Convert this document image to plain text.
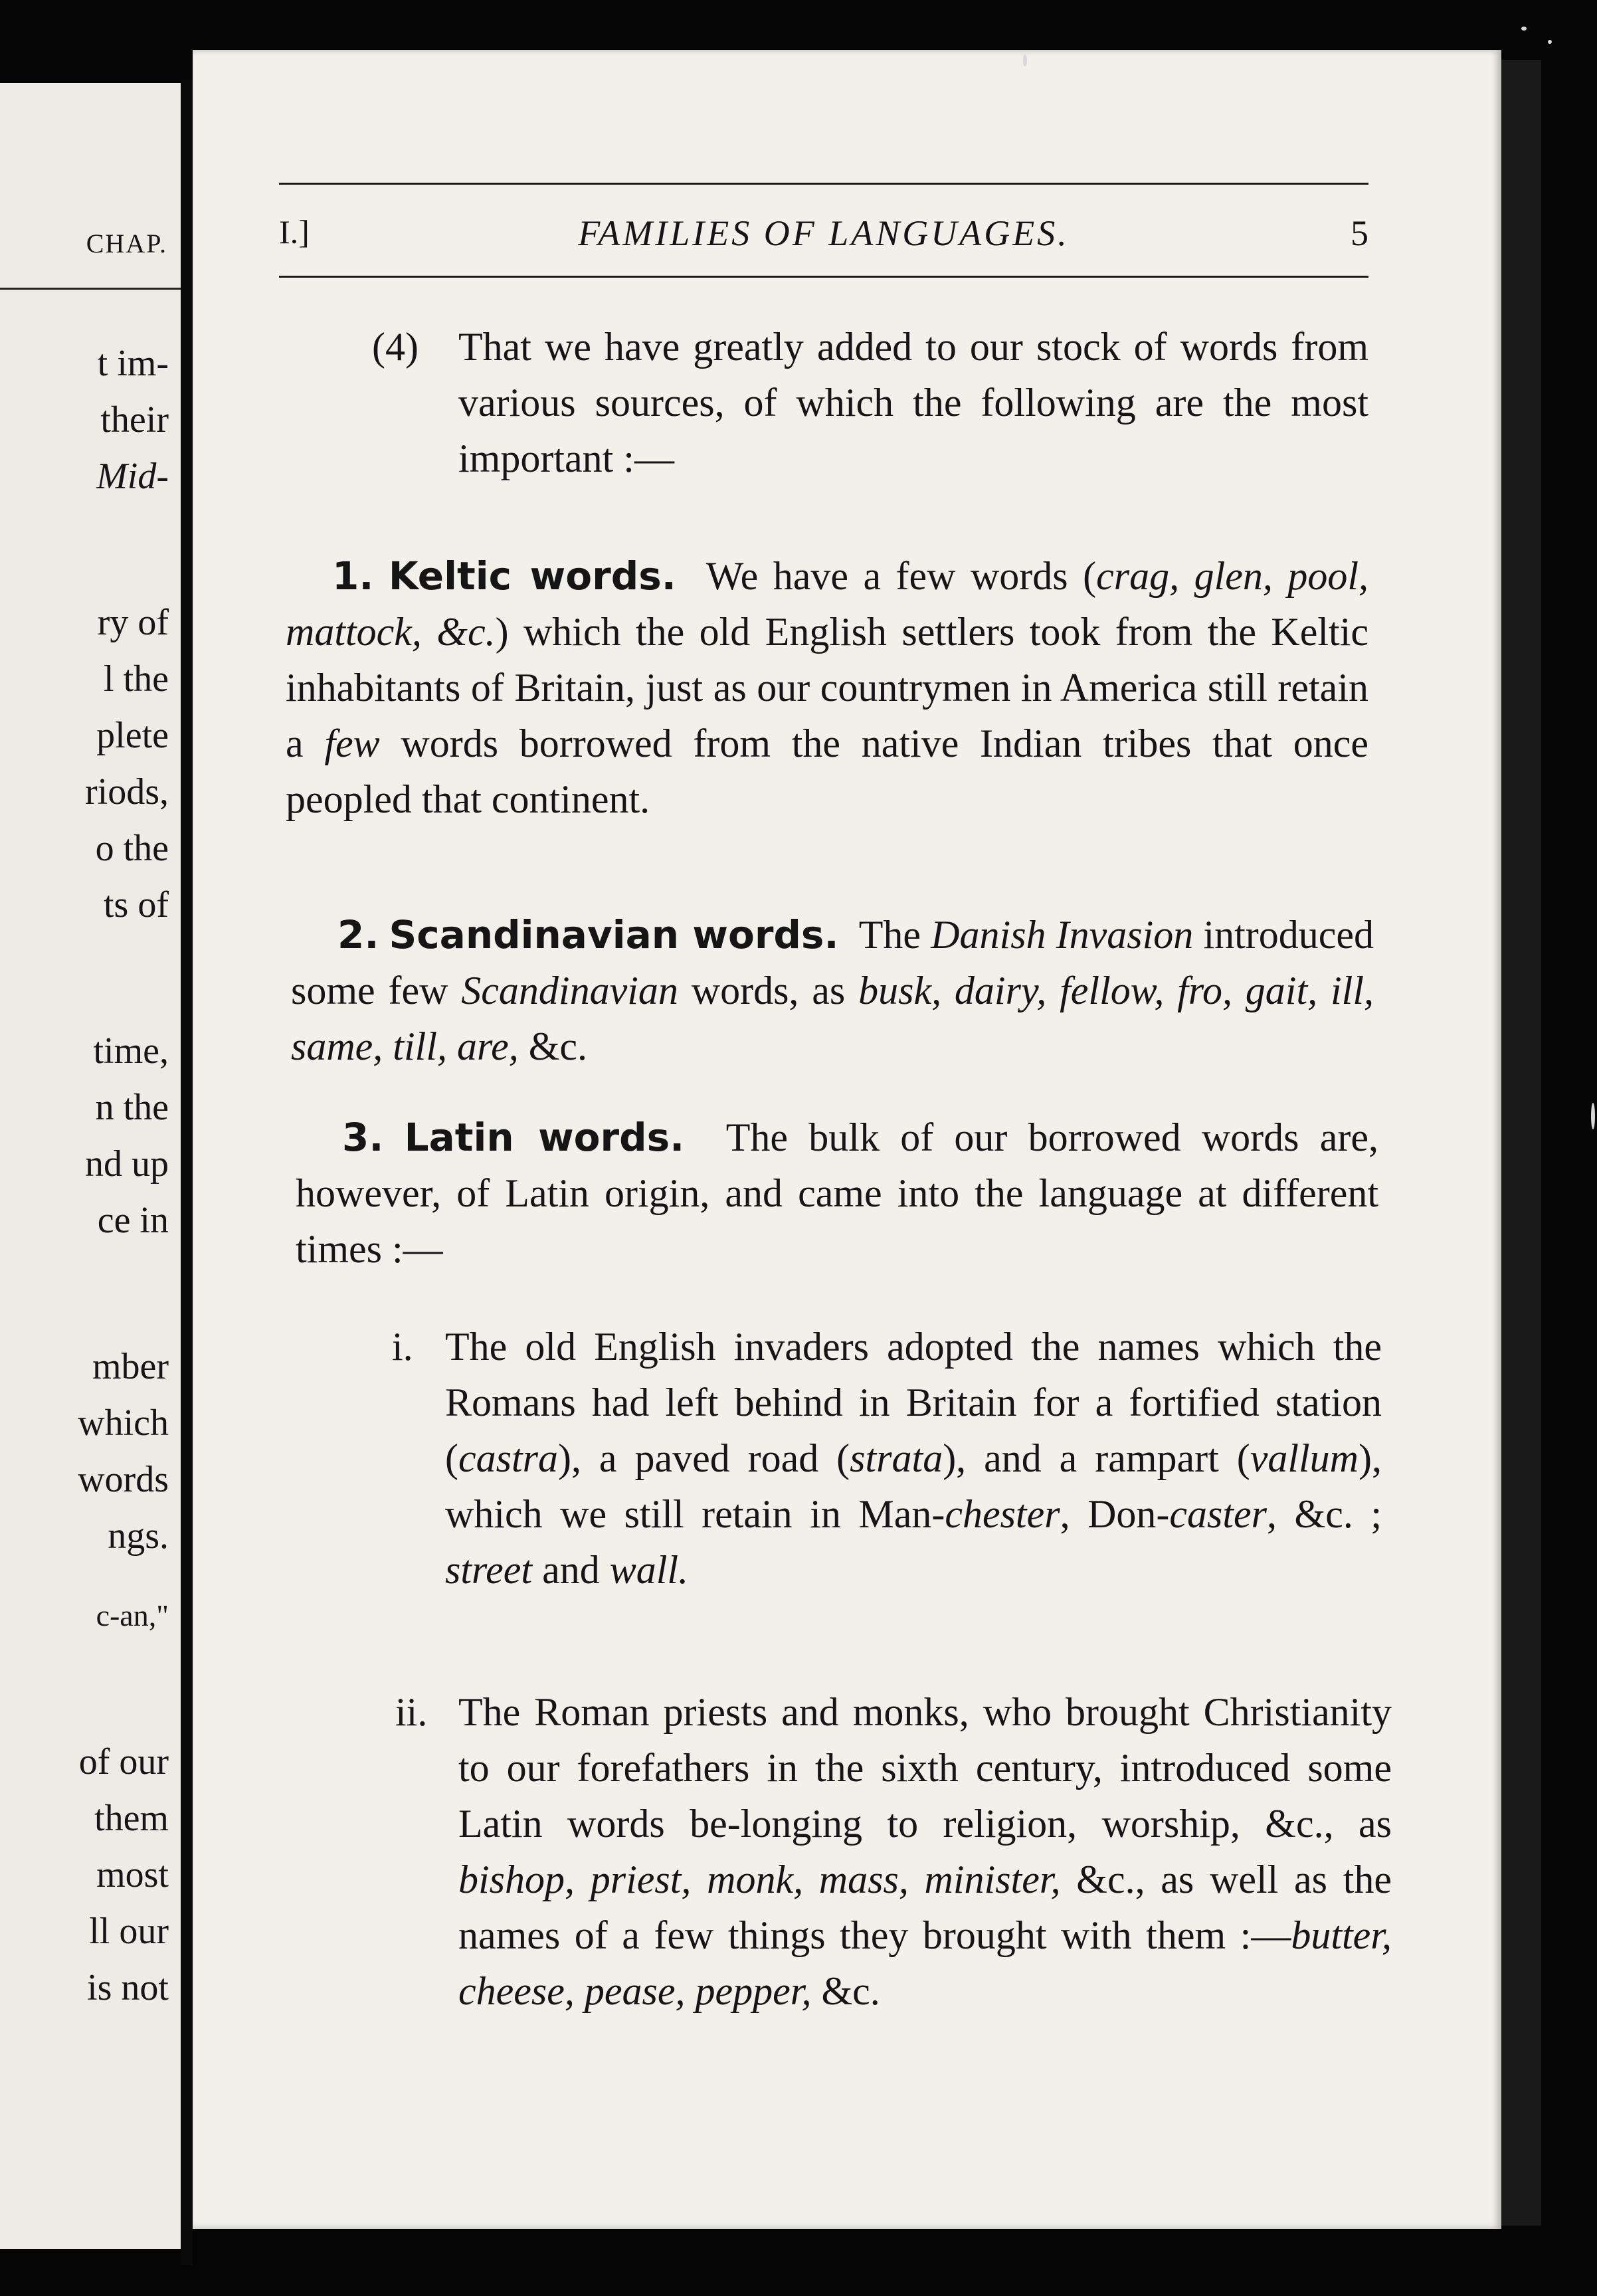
CHAP.
t im-
their
Mid-
ry of
l the
plete
riods,
o the
ts of
time,
n the
nd up
ce in
mber
which
words
ngs.
c-an,"
of our
them
most
ll our
is not
I.]	FAMILIES OF LANGUAGES.	5
(4) That we have greatly added to our stock of words from various sources, of which the following are the most important :—
1. Keltic words. We have a few words (crag, glen, pool, mattock, &c.) which the old English settlers took from the Keltic inhabitants of Britain, just as our countrymen in America still retain a few words borrowed from the native Indian tribes that once peopled that continent.
2. Scandinavian words. The Danish Invasion introduced some few Scandinavian words, as busk, dairy, fellow, fro, gait, ill, same, till, are, &c.
3. Latin words. The bulk of our borrowed words are, however, of Latin origin, and came into the language at different times :—
i. The old English invaders adopted the names which the Romans had left behind in Britain for a fortified station (castra), a paved road (strata), and a rampart (vallum), which we still retain in Man-chester, Don-caster, &c. ; street and wall.
ii. The Roman priests and monks, who brought Christianity to our forefathers in the sixth century, introduced some Latin words be-longing to religion, worship, &c., as bishop, priest, monk, mass, minister, &c., as well as the names of a few things they brought with them :—butter, cheese, pease, pepper, &c.
